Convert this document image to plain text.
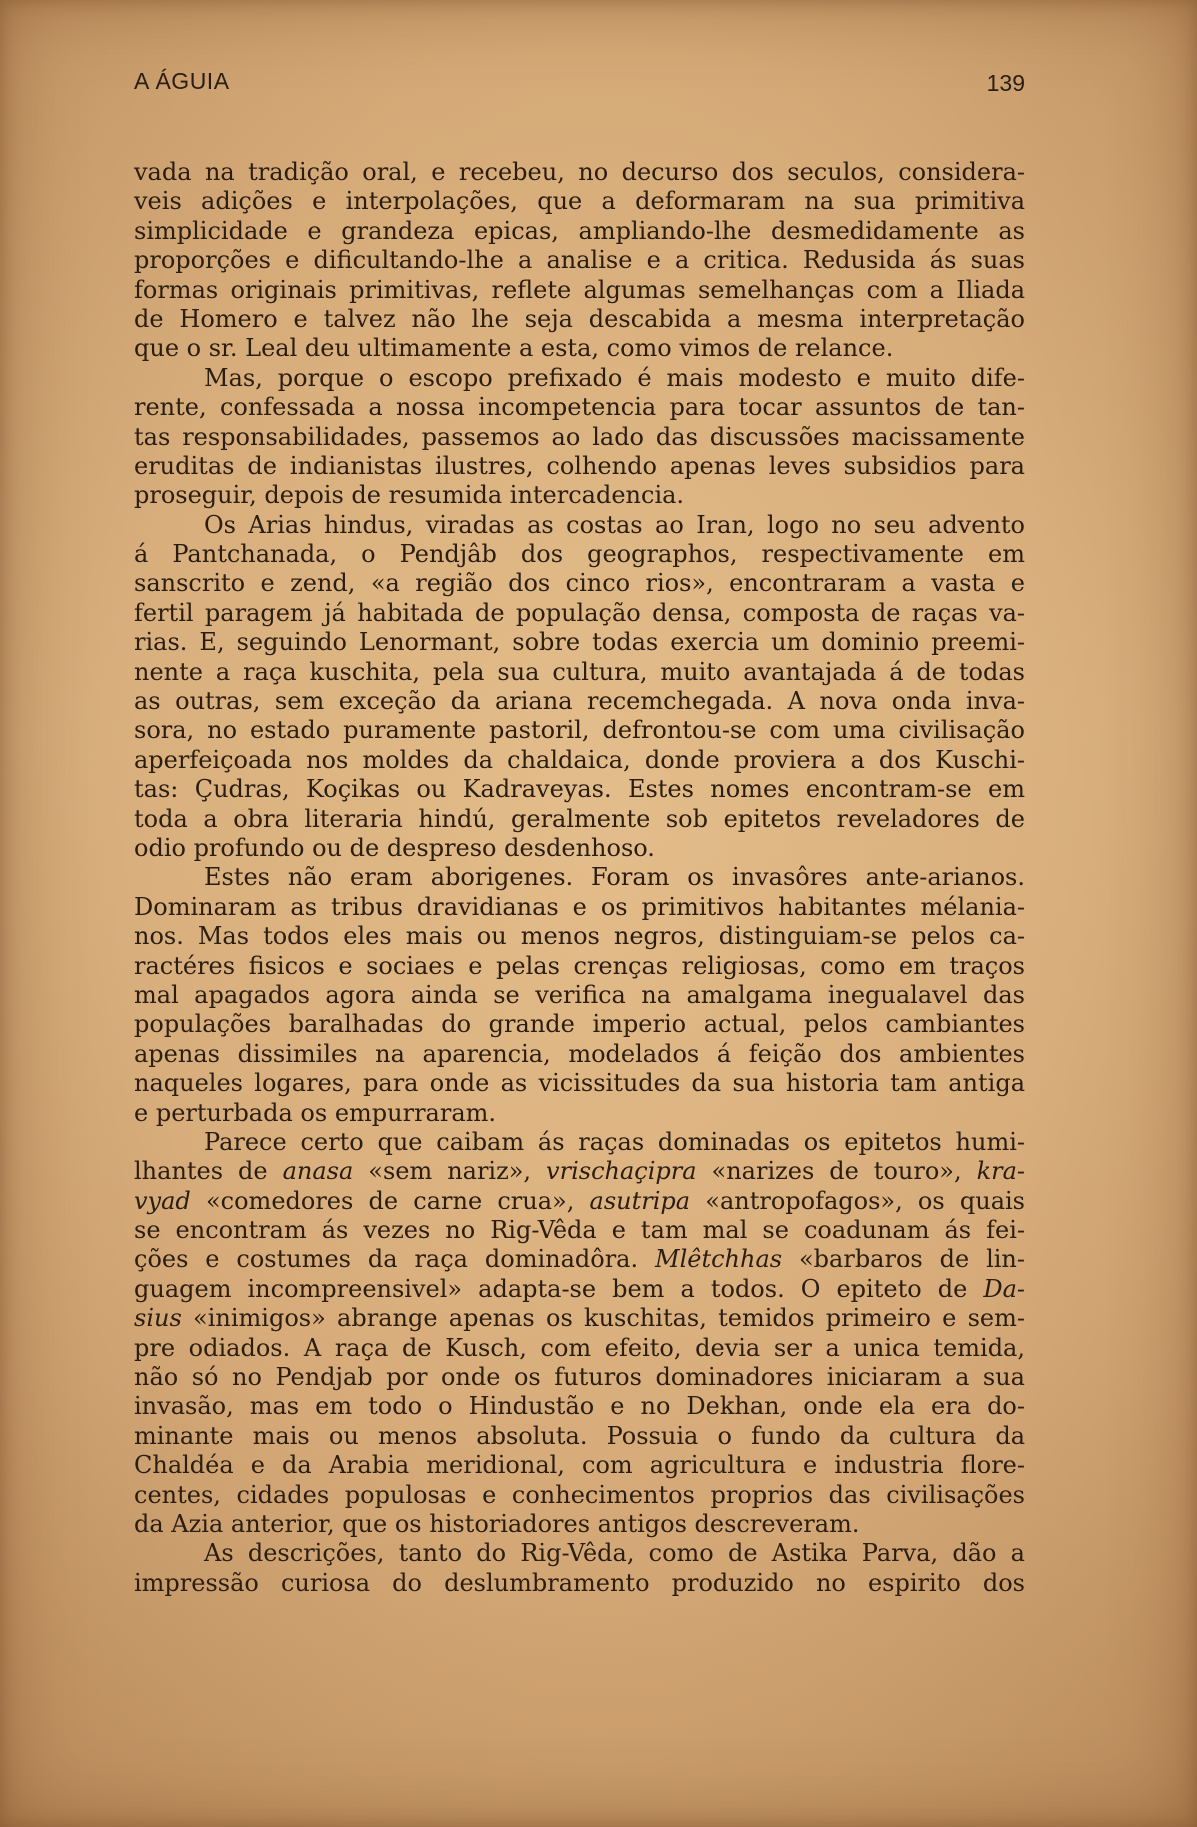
A ÁGUIA	139
vada na tradição oral, e recebeu, no decurso dos seculos, considera-
veis adições e interpolações, que a deformaram na sua primitiva
simplicidade e grandeza epicas, ampliando-lhe desmedidamente as
proporções e dificultando-lhe a analise e a critica. Redusida ás suas
formas originais primitivas, reflete algumas semelhanças com a Iliada
de Homero e talvez não lhe seja descabida a mesma interpretação
que o sr. Leal deu ultimamente a esta, como vimos de relance.
Mas, porque o escopo prefixado é mais modesto e muito dife-
rente, confessada a nossa incompetencia para tocar assuntos de tan-
tas responsabilidades, passemos ao lado das discussões macissamente
eruditas de indianistas ilustres, colhendo apenas leves subsidios para
proseguir, depois de resumida intercadencia.
Os Arias hindus, viradas as costas ao Iran, logo no seu advento
á Pantchanada, o Pendjâb dos geographos, respectivamente em
sanscrito e zend, «a região dos cinco rios», encontraram a vasta e
fertil paragem já habitada de população densa, composta de raças va-
rias. E, seguindo Lenormant, sobre todas exercia um dominio preemi-
nente a raça kuschita, pela sua cultura, muito avantajada á de todas
as outras, sem exceção da ariana recemchegada. A nova onda inva-
sora, no estado puramente pastoril, defrontou-se com uma civilisação
aperfeiçoada nos moldes da chaldaica, donde proviera a dos Kuschi-
tas: Çudras, Koçikas ou Kadraveyas. Estes nomes encontram-se em
toda a obra literaria hindú, geralmente sob epitetos reveladores de
odio profundo ou de despreso desdenhoso.
Estes não eram aborigenes. Foram os invasôres ante-arianos.
Dominaram as tribus dravidianas e os primitivos habitantes mélania-
nos. Mas todos eles mais ou menos negros, distinguiam-se pelos ca-
ractéres fisicos e sociaes e pelas crenças religiosas, como em traços
mal apagados agora ainda se verifica na amalgama inegualavel das
populações baralhadas do grande imperio actual, pelos cambiantes
apenas dissimiles na aparencia, modelados á feição dos ambientes
naqueles logares, para onde as vicissitudes da sua historia tam antiga
e perturbada os empurraram.
Parece certo que caibam ás raças dominadas os epitetos humi-
lhantes de anasa «sem nariz», vrischaçipra «narizes de touro», kra-
vyad «comedores de carne crua», asutripa «antropofagos», os quais
se encontram ás vezes no Rig-Vêda e tam mal se coadunam ás fei-
ções e costumes da raça dominadôra. Mlêtchhas «barbaros de lin-
guagem incompreensivel» adapta-se bem a todos. O epiteto de Da-
sius «inimigos» abrange apenas os kuschitas, temidos primeiro e sem-
pre odiados. A raça de Kusch, com efeito, devia ser a unica temida,
não só no Pendjab por onde os futuros dominadores iniciaram a sua
invasão, mas em todo o Hindustão e no Dekhan, onde ela era do-
minante mais ou menos absoluta. Possuia o fundo da cultura da
Chaldéa e da Arabia meridional, com agricultura e industria flore-
centes, cidades populosas e conhecimentos proprios das civilisações
da Azia anterior, que os historiadores antigos descreveram.
As descrições, tanto do Rig-Vêda, como de Astika Parva, dão a
impressão curiosa do deslumbramento produzido no espirito dos
